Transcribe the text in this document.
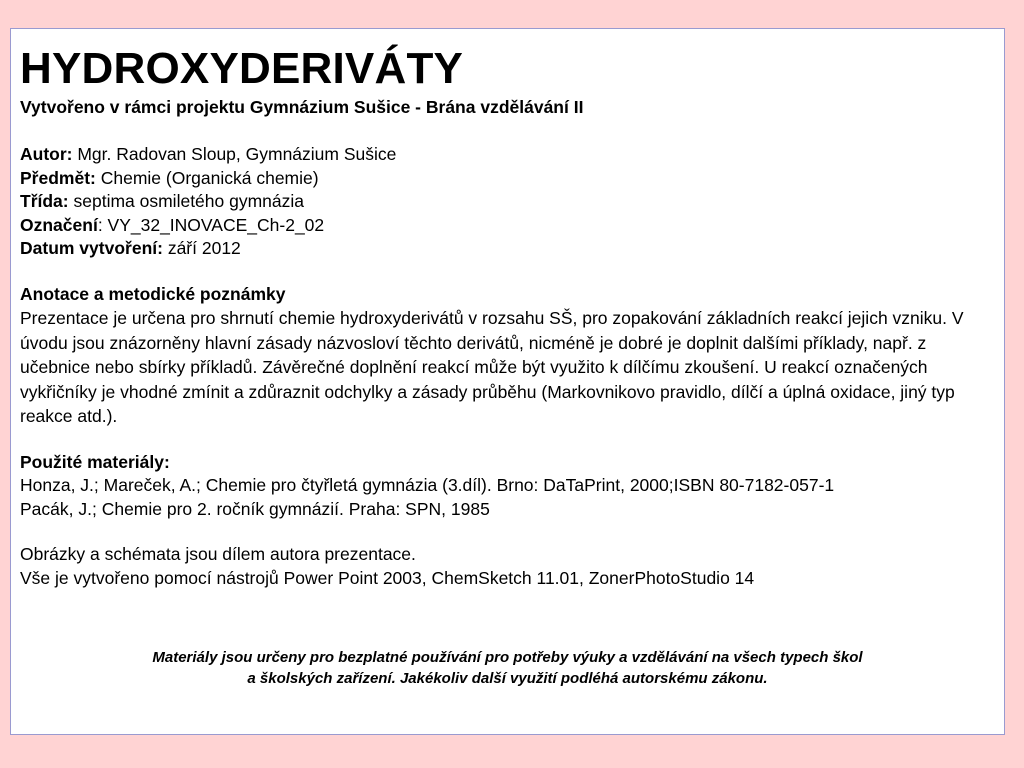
HYDROXYDERIVÁTY

Vytvořeno v rámci projektu Gymnázium Sušice - Brána vzdělávání II

Autor: Mgr. Radovan Sloup, Gymnázium Sušice

Předmět: Chemie (Organická chemie)

Třída: septima osmiletého gymnázia

Označení: VY_32_INOVACE_Ch-2_02

Datum vytvoření: září 2012

Anotace a metodické poznámky

Prezentace je určena pro shrnutí chemie hydroxyderivátů v rozsahu SŠ, pro zopakování základních reakcí jejich vzniku. V úvodu jsou znázorněny hlavní zásady názvosloví těchto derivátů, nicméně je dobré je doplnit dalšími příklady, např. z učebnice nebo sbírky příkladů. Závěrečné doplnění reakcí může být využito k dílčímu zkoušení. U reakcí označených vykřičníky je vhodné zmínit a zdůraznit odchylky a zásady průběhu (Markovnikovo pravidlo, dílčí a úplná oxidace, jiný typ reakce atd.).

Použité materiály:

Honza, J.; Mareček, A.; Chemie pro čtyřletá gymnázia (3.díl). Brno: DaTaPrint, 2000;ISBN 80-7182-057-1

Pacák, J.; Chemie pro 2. ročník gymnázií. Praha: SPN, 1985

Obrázky a schémata jsou dílem autora prezentace.

Vše je vytvořeno pomocí nástrojů Power Point 2003, ChemSketch 11.01, ZonerPhotoStudio 14

Materiály jsou určeny pro bezplatné používání pro potřeby výuky a vzdělávání na všech typech škol

a školských zařízení. Jakékoliv další využití podléhá autorskému zákonu.
